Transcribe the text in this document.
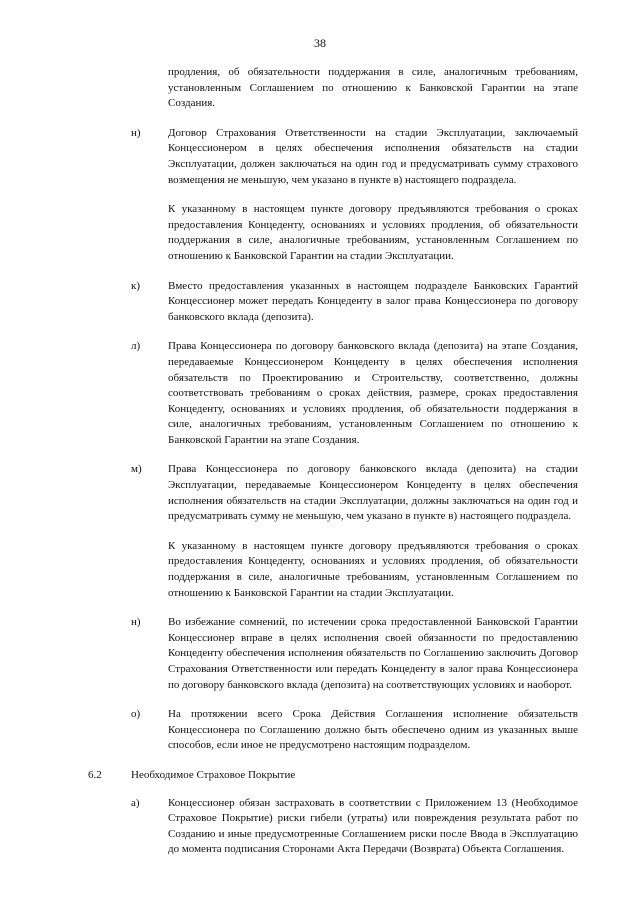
38

продления, об обязательности поддержания в силе, аналогичным требованиям, установленным Соглашением по отношению к Банковской Гарантии на этапе Создания.

н) Договор Страхования Ответственности на стадии Эксплуатации, заключаемый Концессионером в целях обеспечения исполнения обязательств на стадии Эксплуатации, должен заключаться на один год и предусматривать сумму страхового возмещения не меньшую, чем указано в пункте в) настоящего подраздела.

К указанному в настоящем пункте договору предъявляются требования о сроках предоставления Концеденту, основаниях и условиях продления, об обязательности поддержания в силе, аналогичные требованиям, установленным Соглашением по отношению к Банковской Гарантии на стадии Эксплуатации.

к)	Вместо предоставления указанных в настоящем подразделе Банковских Гарантий Концессионер может передать Концеденту в залог права Концессионера по договору банковского вклада (депозита).

л)	Права Концессионера по договору банковского вклада (депозита) на этапе Создания, передаваемые Концессионером Концеденту в целях обеспечения исполнения обязательств по Проектированию и Строительству, соответственно, должны соответствовать требованиям о сроках действия, размере, сроках предоставления Концеденту, основаниях и условиях продления, об обязательности поддержания в силе, аналогичных требованиям, установленным Соглашением по отношению к Банковской Гарантии на этапе Создания.

м) Права Концессионера по договору банковского вклада (депозита) на стадии Эксплуатации, передаваемые Концессионером Концеденту в целях обеспечения исполнения обязательств на стадии Эксплуатации, должны заключаться на один год и предусматривать сумму не меньшую, чем указано в пункте в) настоящего подраздела.

К указанному в настоящем пункте договору предъявляются требования о сроках предоставления Концеденту, основаниях и условиях продления, об обязательности поддержания в силе, аналогичные требованиям, установленным Соглашением по отношению к Банковской Гарантии на стадии Эксплуатации.

н) Во избежание сомнений, по истечении срока предоставленной Банковской Гарантии Концессионер вправе в целях исполнения своей обязанности по предоставлению Концеденту обеспечения исполнения обязательств по Соглашению заключить Договор Страхования Ответственности или передать Концеденту в залог права Концессионера по договору банковского вклада (депозита) на соответствующих условиях и наоборот.

о)	На протяжении всего Срока Действия Соглашения исполнение обязательств Концессионера по Соглашению должно быть обеспечено одним из указанных выше способов, если иное не предусмотрено настоящим подразделом.

6.2	Необходимое Страховое Покрытие
а)	Концессионер обязан застраховать в соответствии с Приложением 13 (Необходимое Страховое Покрытие) риски гибели (утраты) или повреждения результата работ по Созданию и иные предусмотренные Соглашением риски после Ввода в Эксплуатацию до момента подписания Сторонами Акта Передачи (Возврата) Объекта Соглашения.
